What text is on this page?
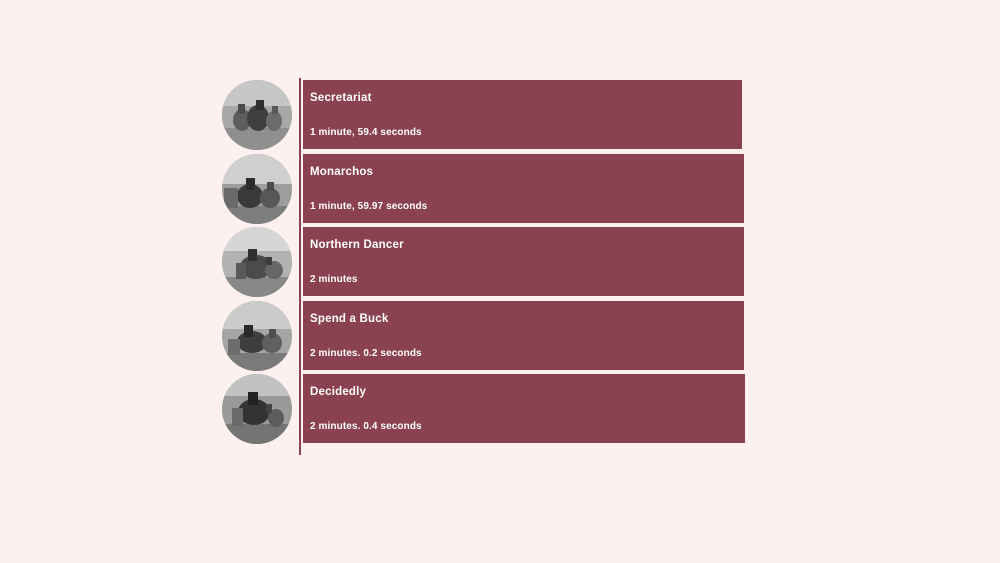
Secretariat
1 minute, 59.4 seconds
Monarchos
1 minute, 59.97 seconds
Northern Dancer
2 minutes
Spend a Buck
2 minutes. 0.2 seconds
Decidedly
2 minutes. 0.4 seconds
